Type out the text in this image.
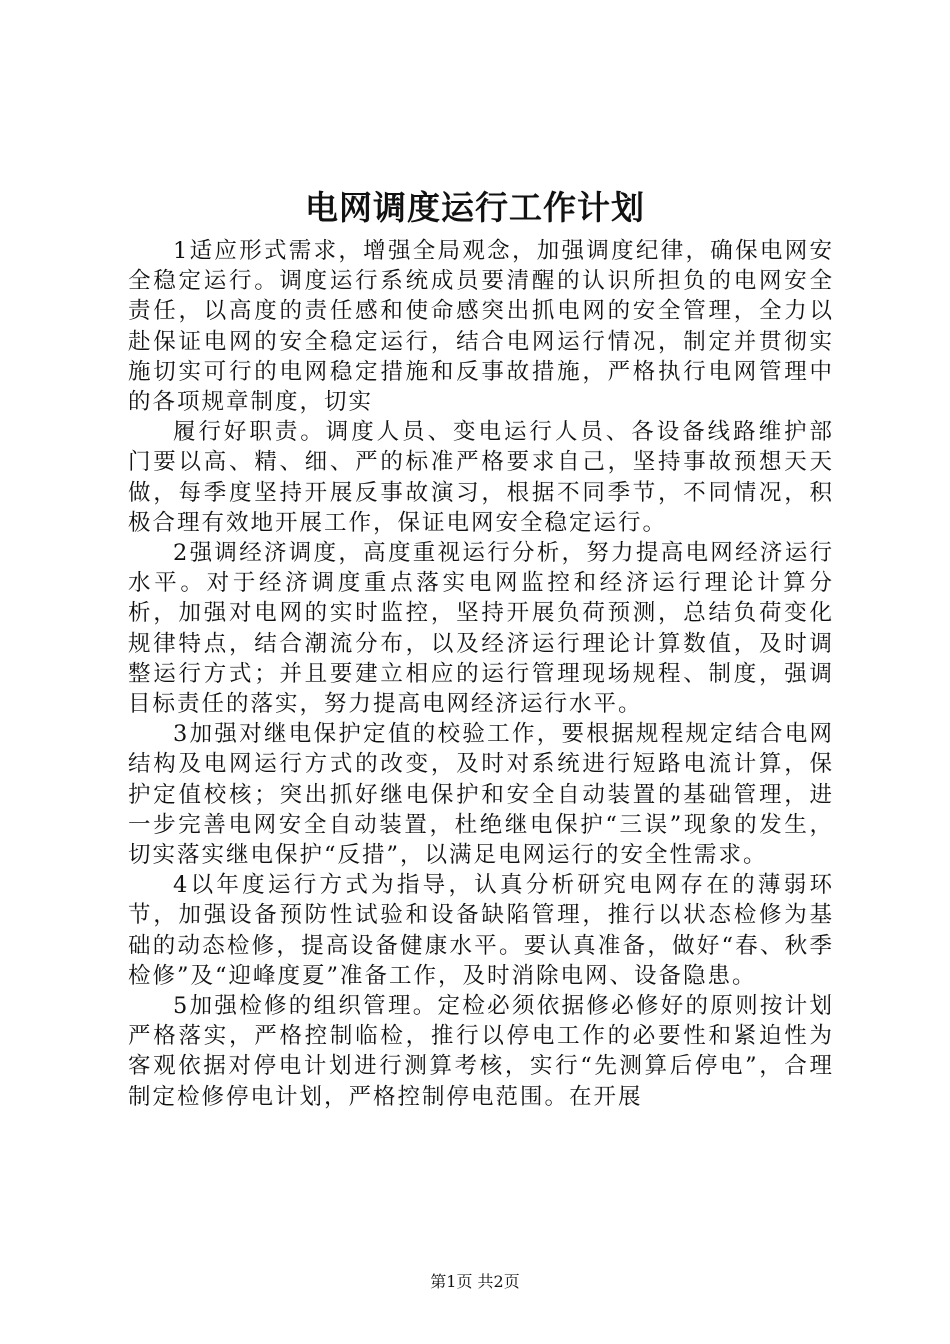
电网调度运行工作计划

1适应形式需求，增强全局观念，加强调度纪律，确保电网安全稳定运行。调度运行系统成员要清醒的认识所担负的电网安全责任，以高度的责任感和使命感突出抓电网的安全管理，全力以赴保证电网的安全稳定运行，结合电网运行情况，制定并贯彻实施切实可行的电网稳定措施和反事故措施，严格执行电网管理中的各项规章制度，切实

履行好职责。调度人员、变电运行人员、各设备线路维护部门要以高、精、细、严的标准严格要求自己，坚持事故预想天天做，每季度坚持开展反事故演习，根据不同季节，不同情况，积极合理有效地开展工作，保证电网安全稳定运行。

2强调经济调度，高度重视运行分析，努力提高电网经济运行水平。对于经济调度重点落实电网监控和经济运行理论计算分析，加强对电网的实时监控，坚持开展负荷预测，总结负荷变化规律特点，结合潮流分布，以及经济运行理论计算数值，及时调整运行方式；并且要建立相应的运行管理现场规程、制度，强调目标责任的落实，努力提高电网经济运行水平。

3加强对继电保护定值的校验工作，要根据规程规定结合电网结构及电网运行方式的改变，及时对系统进行短路电流计算，保护定值校核；突出抓好继电保护和安全自动装置的基础管理，进一步完善电网安全自动装置，杜绝继电保护“三误”现象的发生，切实落实继电保护“反措”，以满足电网运行的安全性需求。

4以年度运行方式为指导，认真分析研究电网存在的薄弱环节，加强设备预防性试验和设备缺陷管理，推行以状态检修为基础的动态检修，提高设备健康水平。要认真准备，做好“春、秋季检修”及“迎峰度夏”准备工作，及时消除电网、设备隐患。

5加强检修的组织管理。定检必须依据修必修好的原则按计划严格落实，严格控制临检，推行以停电工作的必要性和紧迫性为客观依据对停电计划进行测算考核，实行“先测算后停电”，合理制定检修停电计划，严格控制停电范围。在开展

第1页 共2页
